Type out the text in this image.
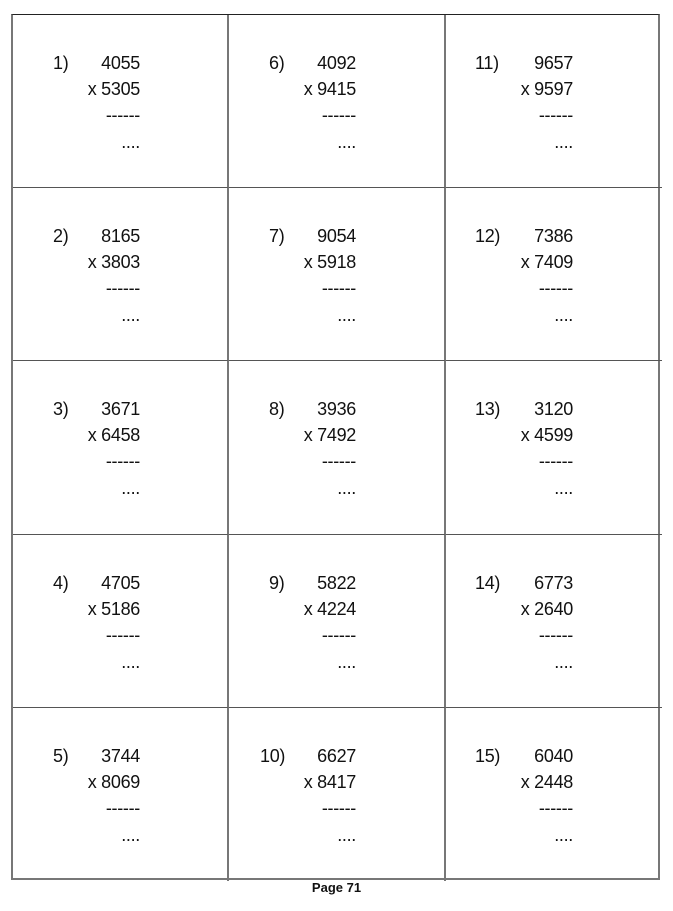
1) 4055
x 5305
------
....
6) 4092
x 9415
------
....
11) 9657
x 9597
------
....
2) 8165
x 3803
------
....
7) 9054
x 5918
------
....
12) 7386
x 7409
------
....
3) 3671
x 6458
------
....
8) 3936
x 7492
------
....
13) 3120
x 4599
------
....
4) 4705
x 5186
------
....
9) 5822
x 4224
------
....
14) 6773
x 2640
------
....
5) 3744
x 8069
------
....
10) 6627
x 8417
------
....
15) 6040
x 2448
------
....
Page 71
